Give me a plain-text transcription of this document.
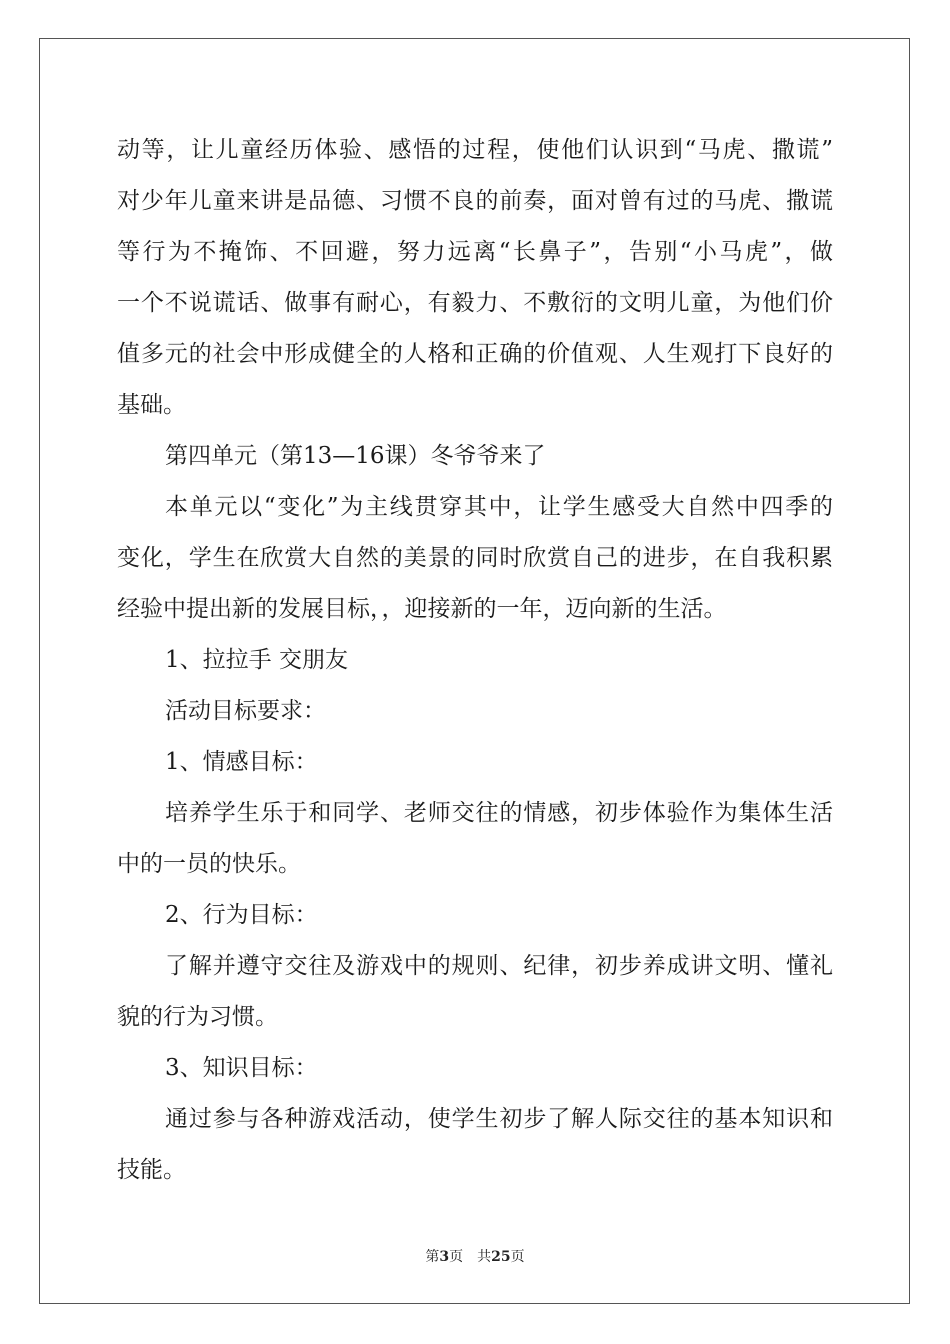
动等，让儿童经历体验、感悟的过程，使他们认识到“马虎、撒谎”
对少年儿童来讲是品德、习惯不良的前奏，面对曾有过的马虎、撒谎
等行为不掩饰、不回避，努力远离“长鼻子”，告别“小马虎”，做
一个不说谎话、做事有耐心，有毅力、不敷衍的文明儿童，为他们价
值多元的社会中形成健全的人格和正确的价值观、人生观打下良好的
基础。
第四单元（第13—16课）冬爷爷来了
本单元以“变化”为主线贯穿其中，让学生感受大自然中四季的
变化，学生在欣赏大自然的美景的同时欣赏自己的进步，在自我积累
经验中提出新的发展目标，，迎接新的一年，迈向新的生活。
1、拉拉手 交朋友
活动目标要求：
1、情感目标：
培养学生乐于和同学、老师交往的情感，初步体验作为集体生活
中的一员的快乐。
2、行为目标：
了解并遵守交往及游戏中的规则、纪律，初步养成讲文明、懂礼
貌的行为习惯。
3、知识目标：
通过参与各种游戏活动，使学生初步了解人际交往的基本知识和
技能。
第3页 共25页
